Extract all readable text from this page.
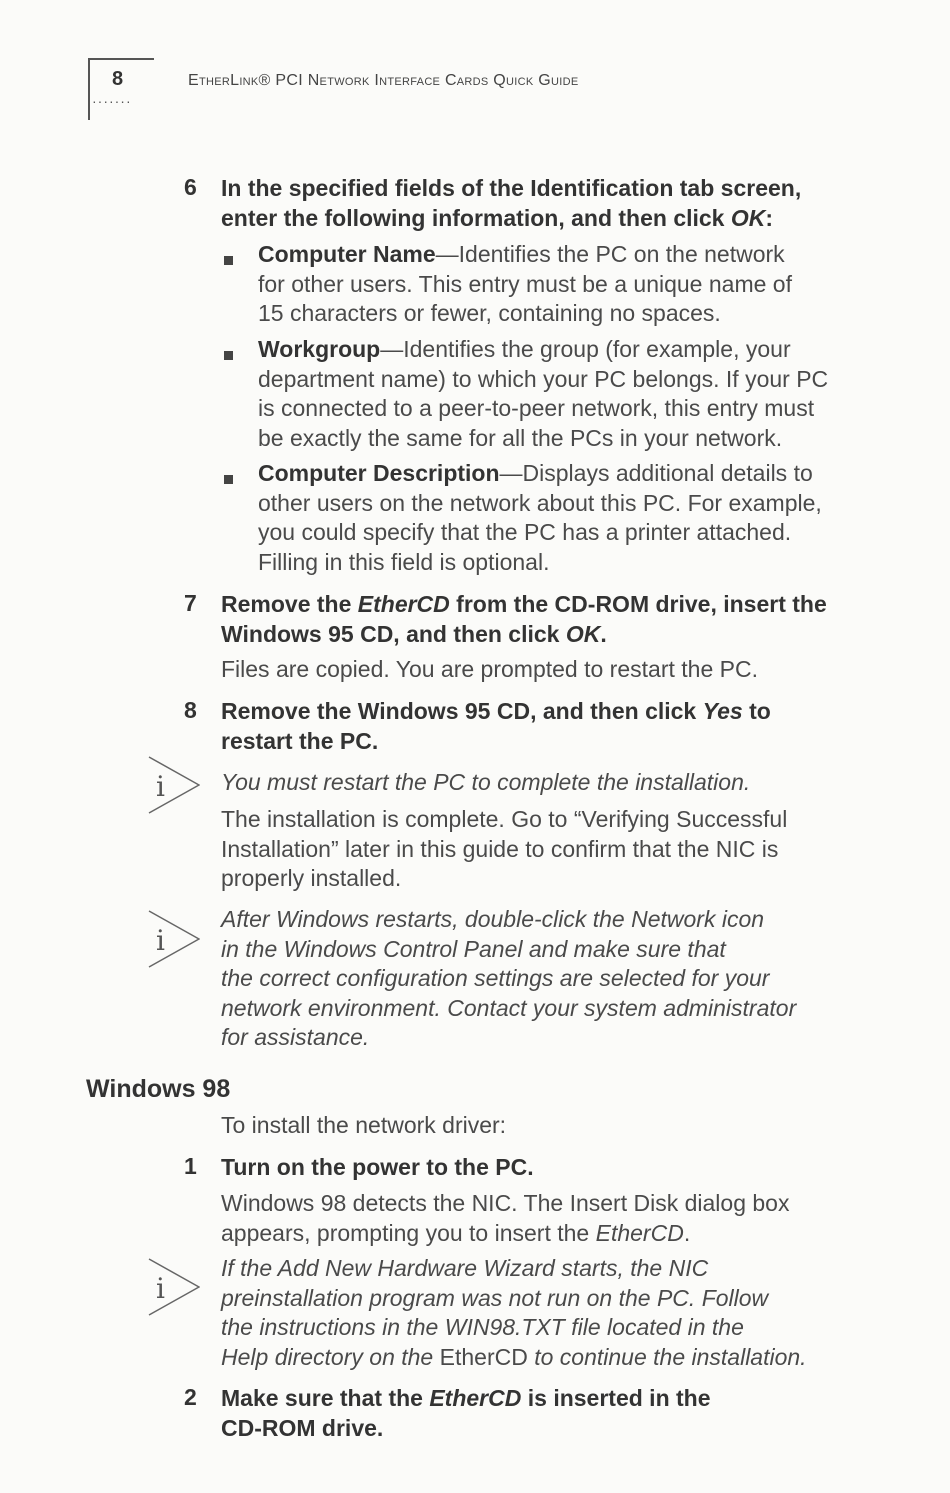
·······
8	EtherLink® PCI Network Interface Cards Quick Guide
6 In the specified fields of the Identification tab screen,
enter the following information, and then click OK:
Computer Name—Identifies the PC on the network
for other users. This entry must be a unique name of
15 characters or fewer, containing no spaces.
Workgroup—Identifies the group (for example, your
department name) to which your PC belongs. If your PC
is connected to a peer-to-peer network, this entry must
be exactly the same for all the PCs in your network.
Computer Description—Displays additional details to
other users on the network about this PC. For example,
you could specify that the PC has a printer attached.
Filling in this field is optional.
7 Remove the EtherCD from the CD-ROM drive, insert the
Windows 95 CD, and then click OK.
Files are copied. You are prompted to restart the PC.
8 Remove the Windows 95 CD, and then click Yes to
restart the PC.
i You must restart the PC to complete the installation.
The installation is complete. Go to “Verifying Successful
Installation” later in this guide to confirm that the NIC is
properly installed.
i
After Windows restarts, double-click the Network icon
in the Windows Control Panel and make sure that
the correct configuration settings are selected for your
network environment. Contact your system administrator
for assistance.
Windows 98
To install the network driver:
1 Turn on the power to the PC.
Windows 98 detects the NIC. The Insert Disk dialog box
appears, prompting you to insert the EtherCD.
i
If the Add New Hardware Wizard starts, the NIC
preinstallation program was not run on the PC. Follow
the instructions in the WIN98.TXT file located in the
Help directory on the EtherCD to continue the installation.
2 Make sure that the EtherCD is inserted in the
CD-ROM drive.
